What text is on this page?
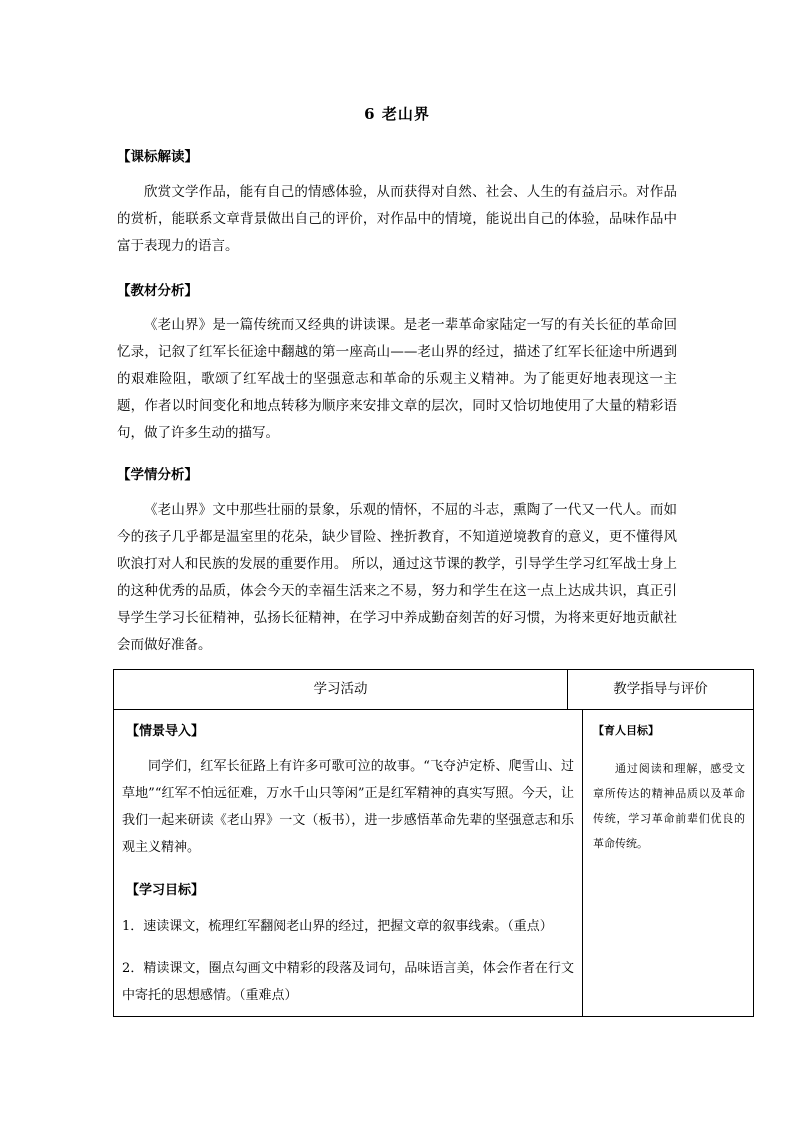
6 老山界
【课标解读】
欣赏文学作品，能有自己的情感体验，从而获得对自然、社会、人生的有益启示。对作品的赏析，能联系文章背景做出自己的评价，对作品中的情境，能说出自己的体验，品味作品中富于表现力的语言。
【教材分析】
《老山界》是一篇传统而又经典的讲读课。是老一辈革命家陆定一写的有关长征的革命回忆录，记叙了红军长征途中翻越的第一座高山——老山界的经过，描述了红军长征途中所遇到的艰难险阻，歌颂了红军战士的坚强意志和革命的乐观主义精神。为了能更好地表现这一主题，作者以时间变化和地点转移为顺序来安排文章的层次，同时又恰切地使用了大量的精彩语句，做了许多生动的描写。
【学情分析】
《老山界》文中那些壮丽的景象，乐观的情怀，不屈的斗志，熏陶了一代又一代人。而如今的孩子几乎都是温室里的花朵，缺少冒险、挫折教育，不知道逆境教育的意义，更不懂得风吹浪打对人和民族的发展的重要作用。 所以，通过这节课的教学，引导学生学习红军战士身上的这种优秀的品质，体会今天的幸福生活来之不易，努力和学生在这一点上达成共识，真正引导学生学习长征精神，弘扬长征精神，在学习中养成勤奋刻苦的好习惯，为将来更好地贡献社会而做好准备。
学习活动	教学指导与评价
【情景导入】
同学们，红军长征路上有许多可歌可泣的故事。“飞夺泸定桥、爬雪山、过草地”“红军不怕远征难，万水千山只等闲”正是红军精神的真实写照。今天，让我们一起来研读《老山界》一文（板书），进一步感悟革命先辈的坚强意志和乐观主义精神。
【学习目标】
1．速读课文，梳理红军翻阅老山界的经过，把握文章的叙事线索。（重点）
2．精读课文，圈点勾画文中精彩的段落及词句，品味语言美，体会作者在行文中寄托的思想感情。（重难点）
【育人目标】
通过阅读和理解，感受文章所传达的精神品质以及革命传统，学习革命前辈们优良的革命传统。
